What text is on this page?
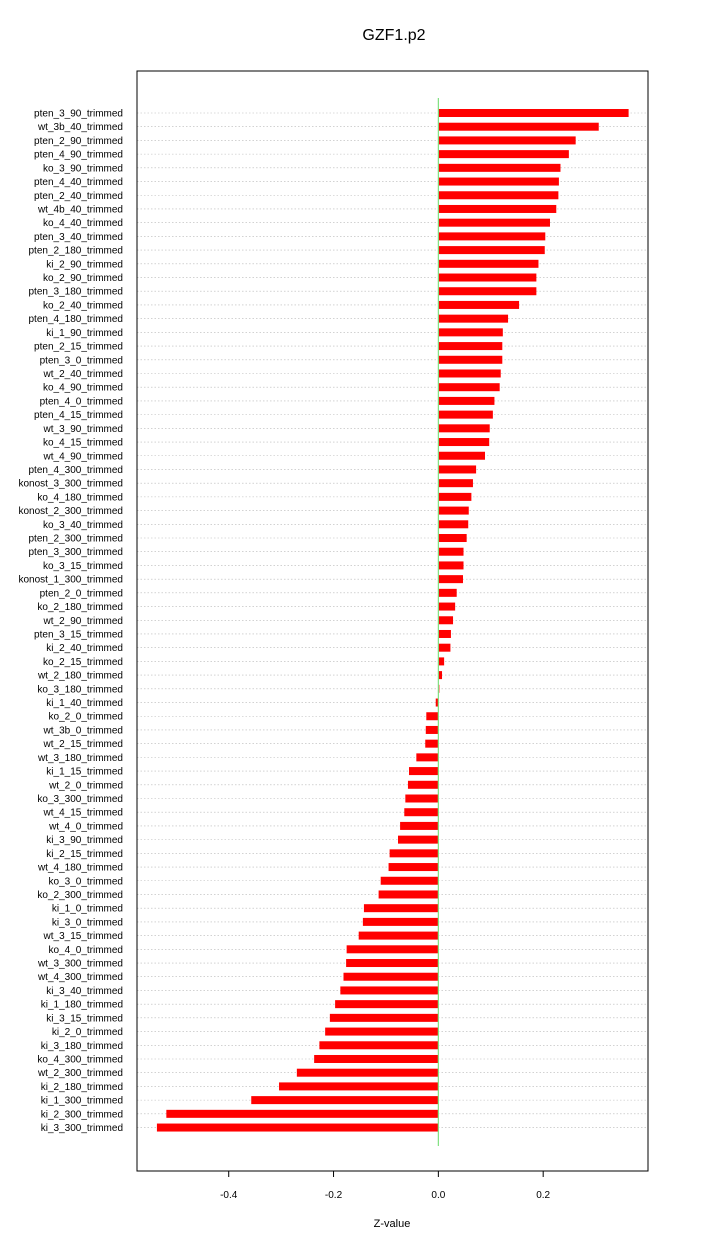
GZF1.p2
pten_3_90_trimmed
wt_3b_40_trimmed
pten_2_90_trimmed
pten_4_90_trimmed
ko_3_90_trimmed
pten_4_40_trimmed
pten_2_40_trimmed
wt_4b_40_trimmed
ko_4_40_trimmed
pten_3_40_trimmed
pten_2_180_trimmed
ki_2_90_trimmed
ko_2_90_trimmed
pten_3_180_trimmed
ko_2_40_trimmed
pten_4_180_trimmed
ki_1_90_trimmed
pten_2_15_trimmed
pten_3_0_trimmed
wt_2_40_trimmed
ko_4_90_trimmed
pten_4_0_trimmed
pten_4_15_trimmed
wt_3_90_trimmed
ko_4_15_trimmed
wt_4_90_trimmed
pten_4_300_trimmed
konost_3_300_trimmed
ko_4_180_trimmed
konost_2_300_trimmed
ko_3_40_trimmed
pten_2_300_trimmed
pten_3_300_trimmed
ko_3_15_trimmed
konost_1_300_trimmed
pten_2_0_trimmed
ko_2_180_trimmed
wt_2_90_trimmed
pten_3_15_trimmed
ki_2_40_trimmed
ko_2_15_trimmed
wt_2_180_trimmed
ko_3_180_trimmed
ki_1_40_trimmed
ko_2_0_trimmed
wt_3b_0_trimmed
wt_2_15_trimmed
wt_3_180_trimmed
ki_1_15_trimmed
wt_2_0_trimmed
ko_3_300_trimmed
wt_4_15_trimmed
wt_4_0_trimmed
ki_3_90_trimmed
ki_2_15_trimmed
wt_4_180_trimmed
ko_3_0_trimmed
ko_2_300_trimmed
ki_1_0_trimmed
ki_3_0_trimmed
wt_3_15_trimmed
ko_4_0_trimmed
wt_3_300_trimmed
wt_4_300_trimmed
ki_3_40_trimmed
ki_1_180_trimmed
ki_3_15_trimmed
ki_2_0_trimmed
ki_3_180_trimmed
ko_4_300_trimmed
wt_2_300_trimmed
ki_2_180_trimmed
ki_1_300_trimmed
ki_2_300_trimmed
ki_3_300_trimmed
-0.4	-0.2	0.0	0.2
Z-value
